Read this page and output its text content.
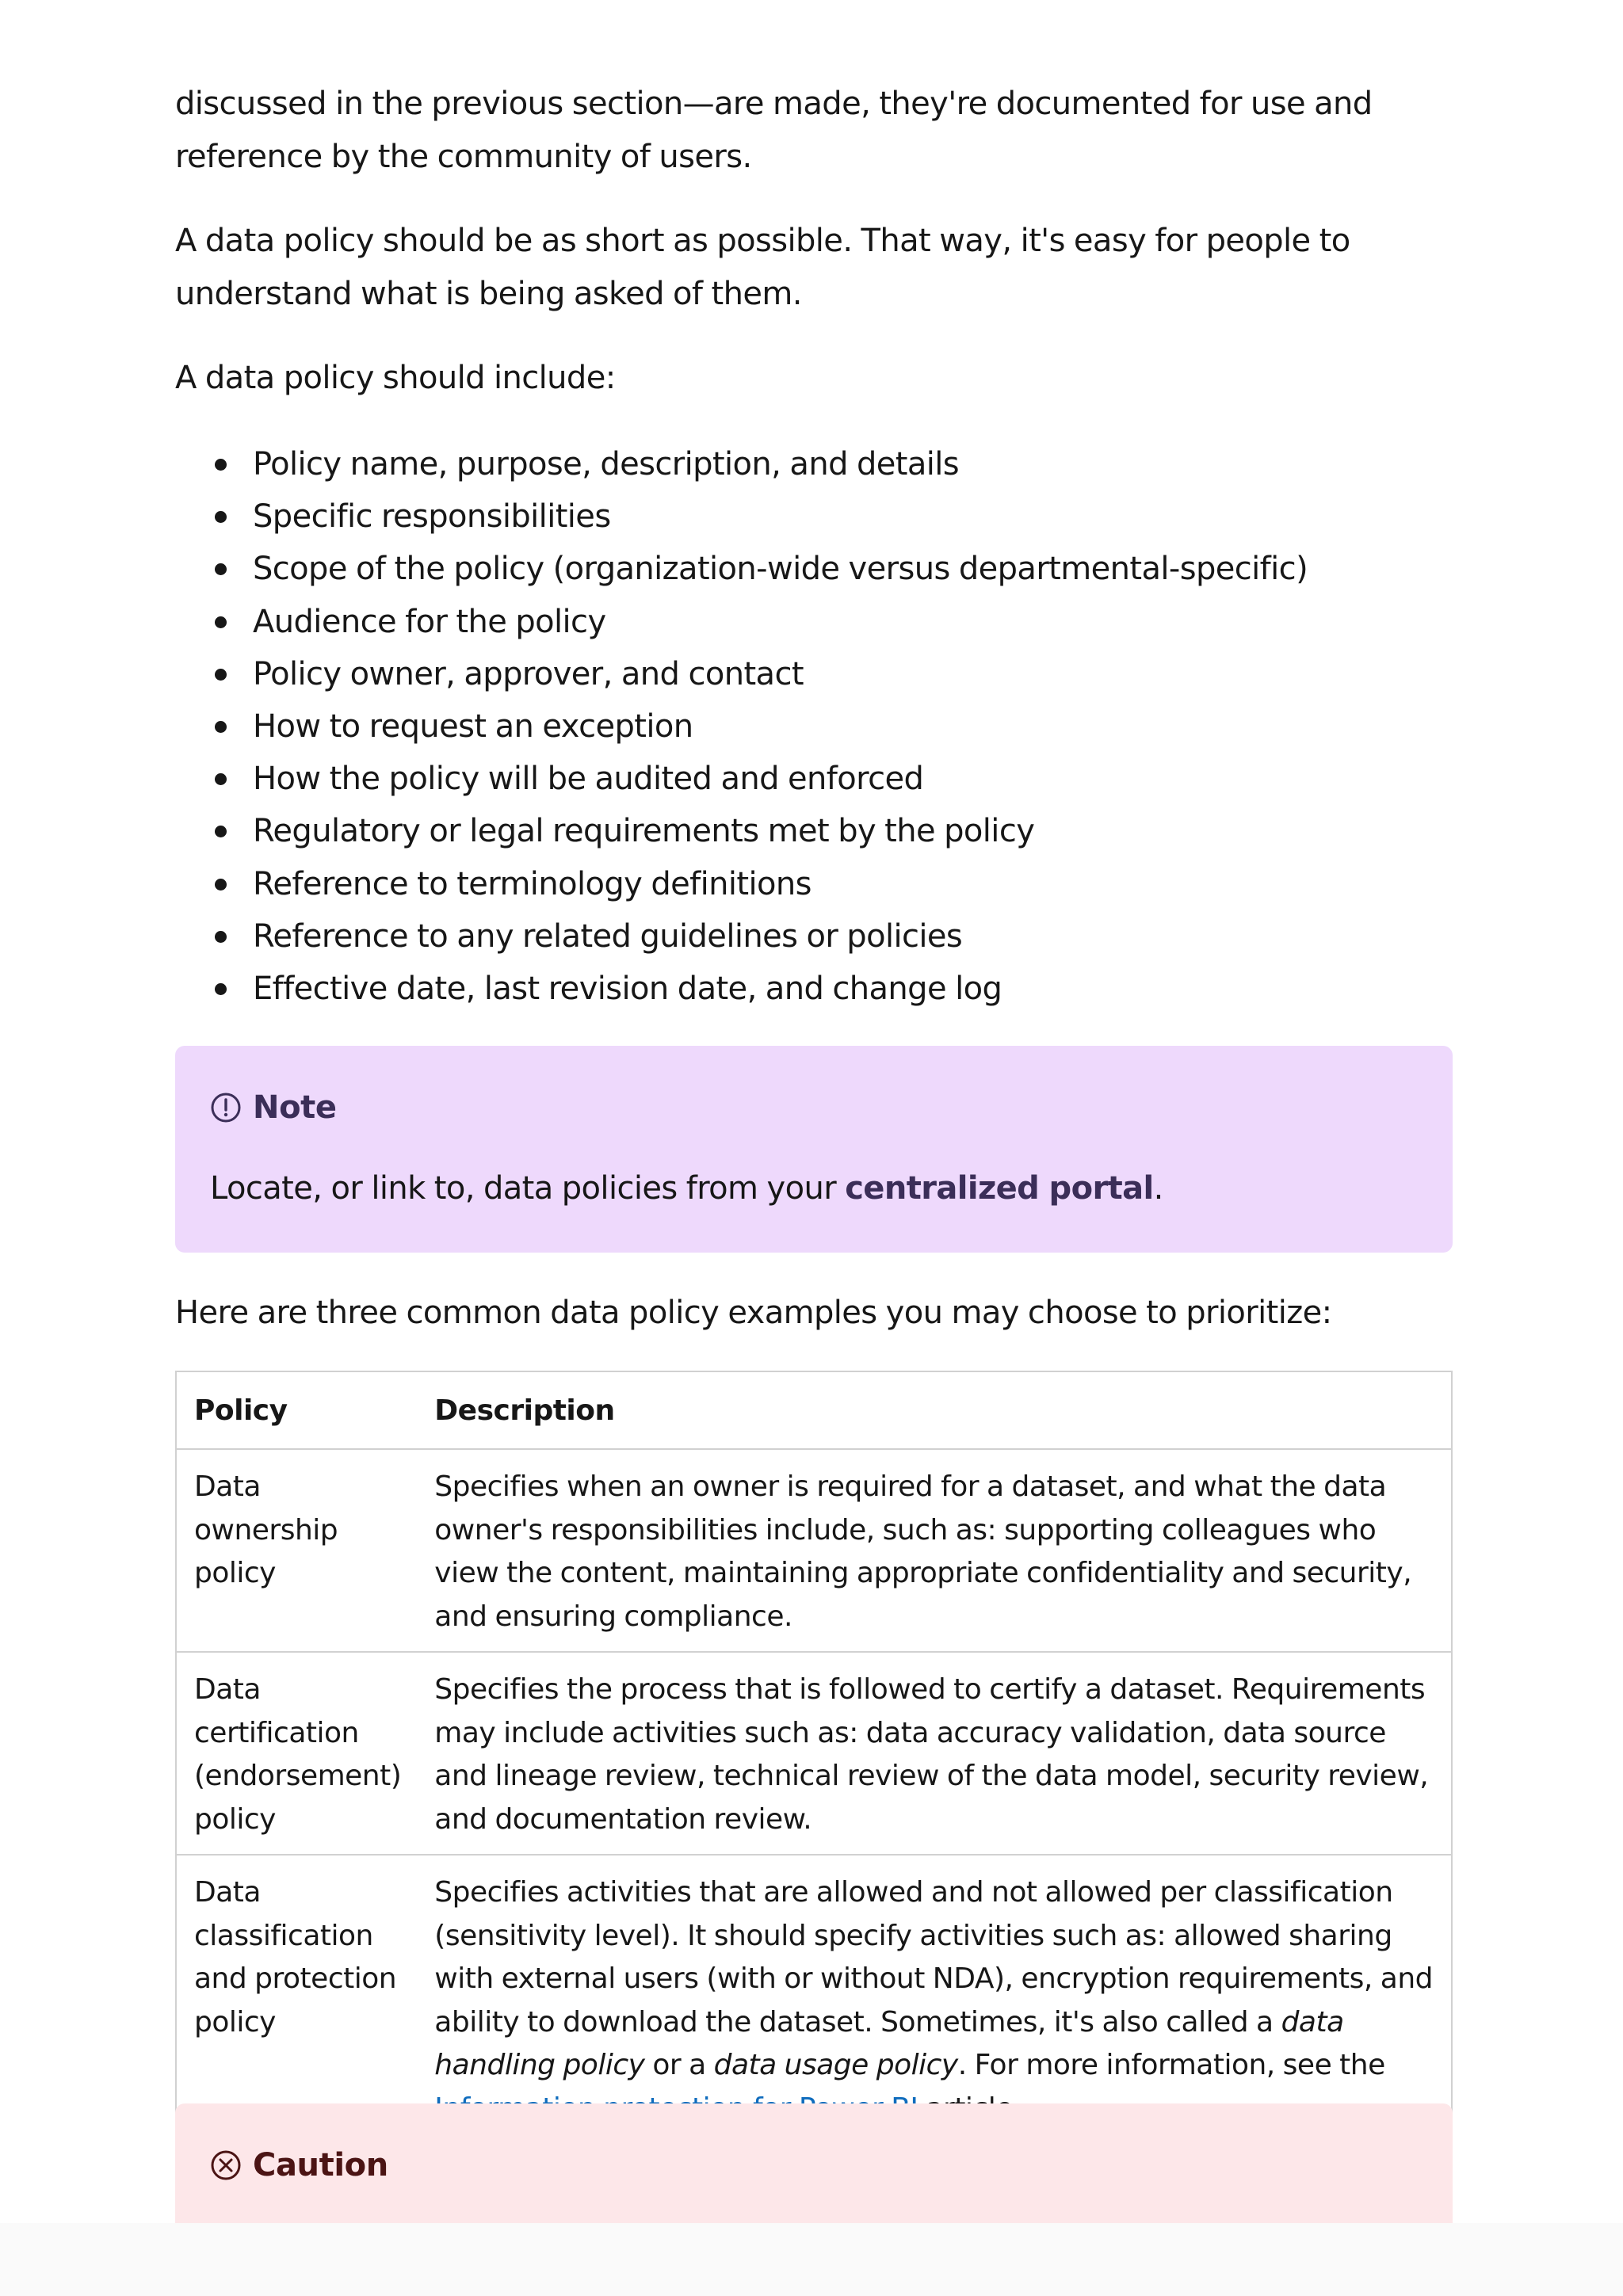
discussed in the previous section—are made, they're documented for use and reference by the community of users.

A data policy should be as short as possible. That way, it's easy for people to understand what is being asked of them.

A data policy should include:

Policy name, purpose, description, and details
Specific responsibilities
Scope of the policy (organization-wide versus departmental-specific)
Audience for the policy
Policy owner, approver, and contact
How to request an exception
How the policy will be audited and enforced
Regulatory or legal requirements met by the policy
Reference to terminology definitions
Reference to any related guidelines or policies
Effective date, last revision date, and change log
Note
Locate, or link to, data policies from your centralized portal.

Here are three common data policy examples you may choose to prioritize:

Policy	Description
Data ownership policy	Specifies when an owner is required for a dataset, and what the data owner's responsibilities include, such as: supporting colleagues who view the content, maintaining appropriate confidentiality and security, and ensuring compliance.
Data certification (endorsement) policy	Specifies the process that is followed to certify a dataset. Requirements may include activities such as: data accuracy validation, data source and lineage review, technical review of the data model, security review, and documentation review.
Data classification and protection policy	Specifies activities that are allowed and not allowed per classification (sensitivity level). It should specify activities such as: allowed sharing with external users (with or without NDA), encryption requirements, and ability to download the dataset. Sometimes, it's also called a data handling policy or a data usage policy. For more information, see the
Caution
